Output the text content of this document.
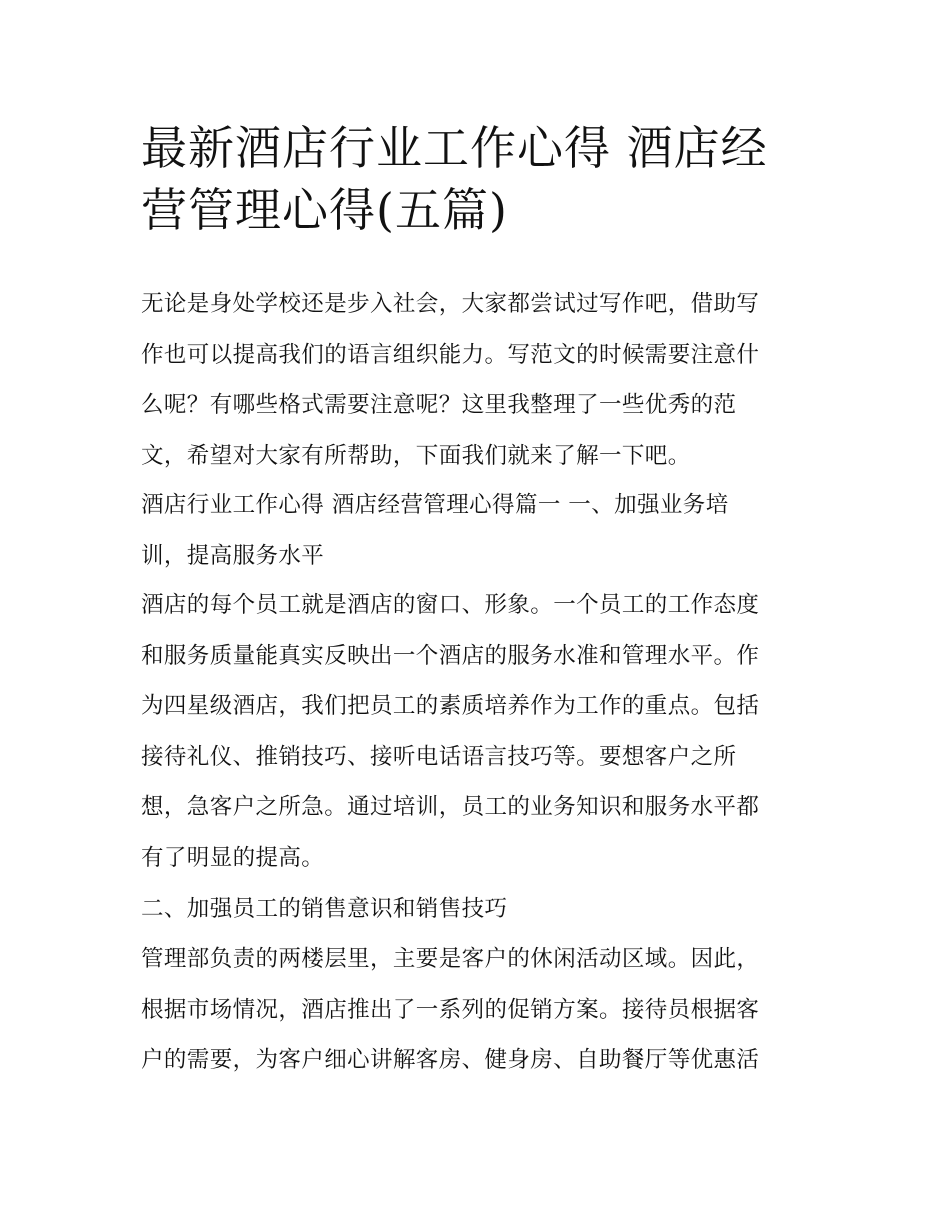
最新酒店行业工作心得 酒店经
营管理心得(五篇)

无论是身处学校还是步入社会，大家都尝试过写作吧，借助写
作也可以提高我们的语言组织能力。写范文的时候需要注意什
么呢？有哪些格式需要注意呢？这里我整理了一些优秀的范
文，希望对大家有所帮助，下面我们就来了解一下吧。

酒店行业工作心得 酒店经营管理心得篇一 一、加强业务培
训，提高服务水平

酒店的每个员工就是酒店的窗口、形象。一个员工的工作态度
和服务质量能真实反映出一个酒店的服务水准和管理水平。作
为四星级酒店，我们把员工的素质培养作为工作的重点。包括
接待礼仪、推销技巧、接听电话语言技巧等。要想客户之所
想，急客户之所急。通过培训，员工的业务知识和服务水平都
有了明显的提高。

二、加强员工的销售意识和销售技巧

管理部负责的两楼层里，主要是客户的休闲活动区域。因此，
根据市场情况，酒店推出了一系列的促销方案。接待员根据客
户的需要，为客户细心讲解客房、健身房、自助餐厅等优惠活
